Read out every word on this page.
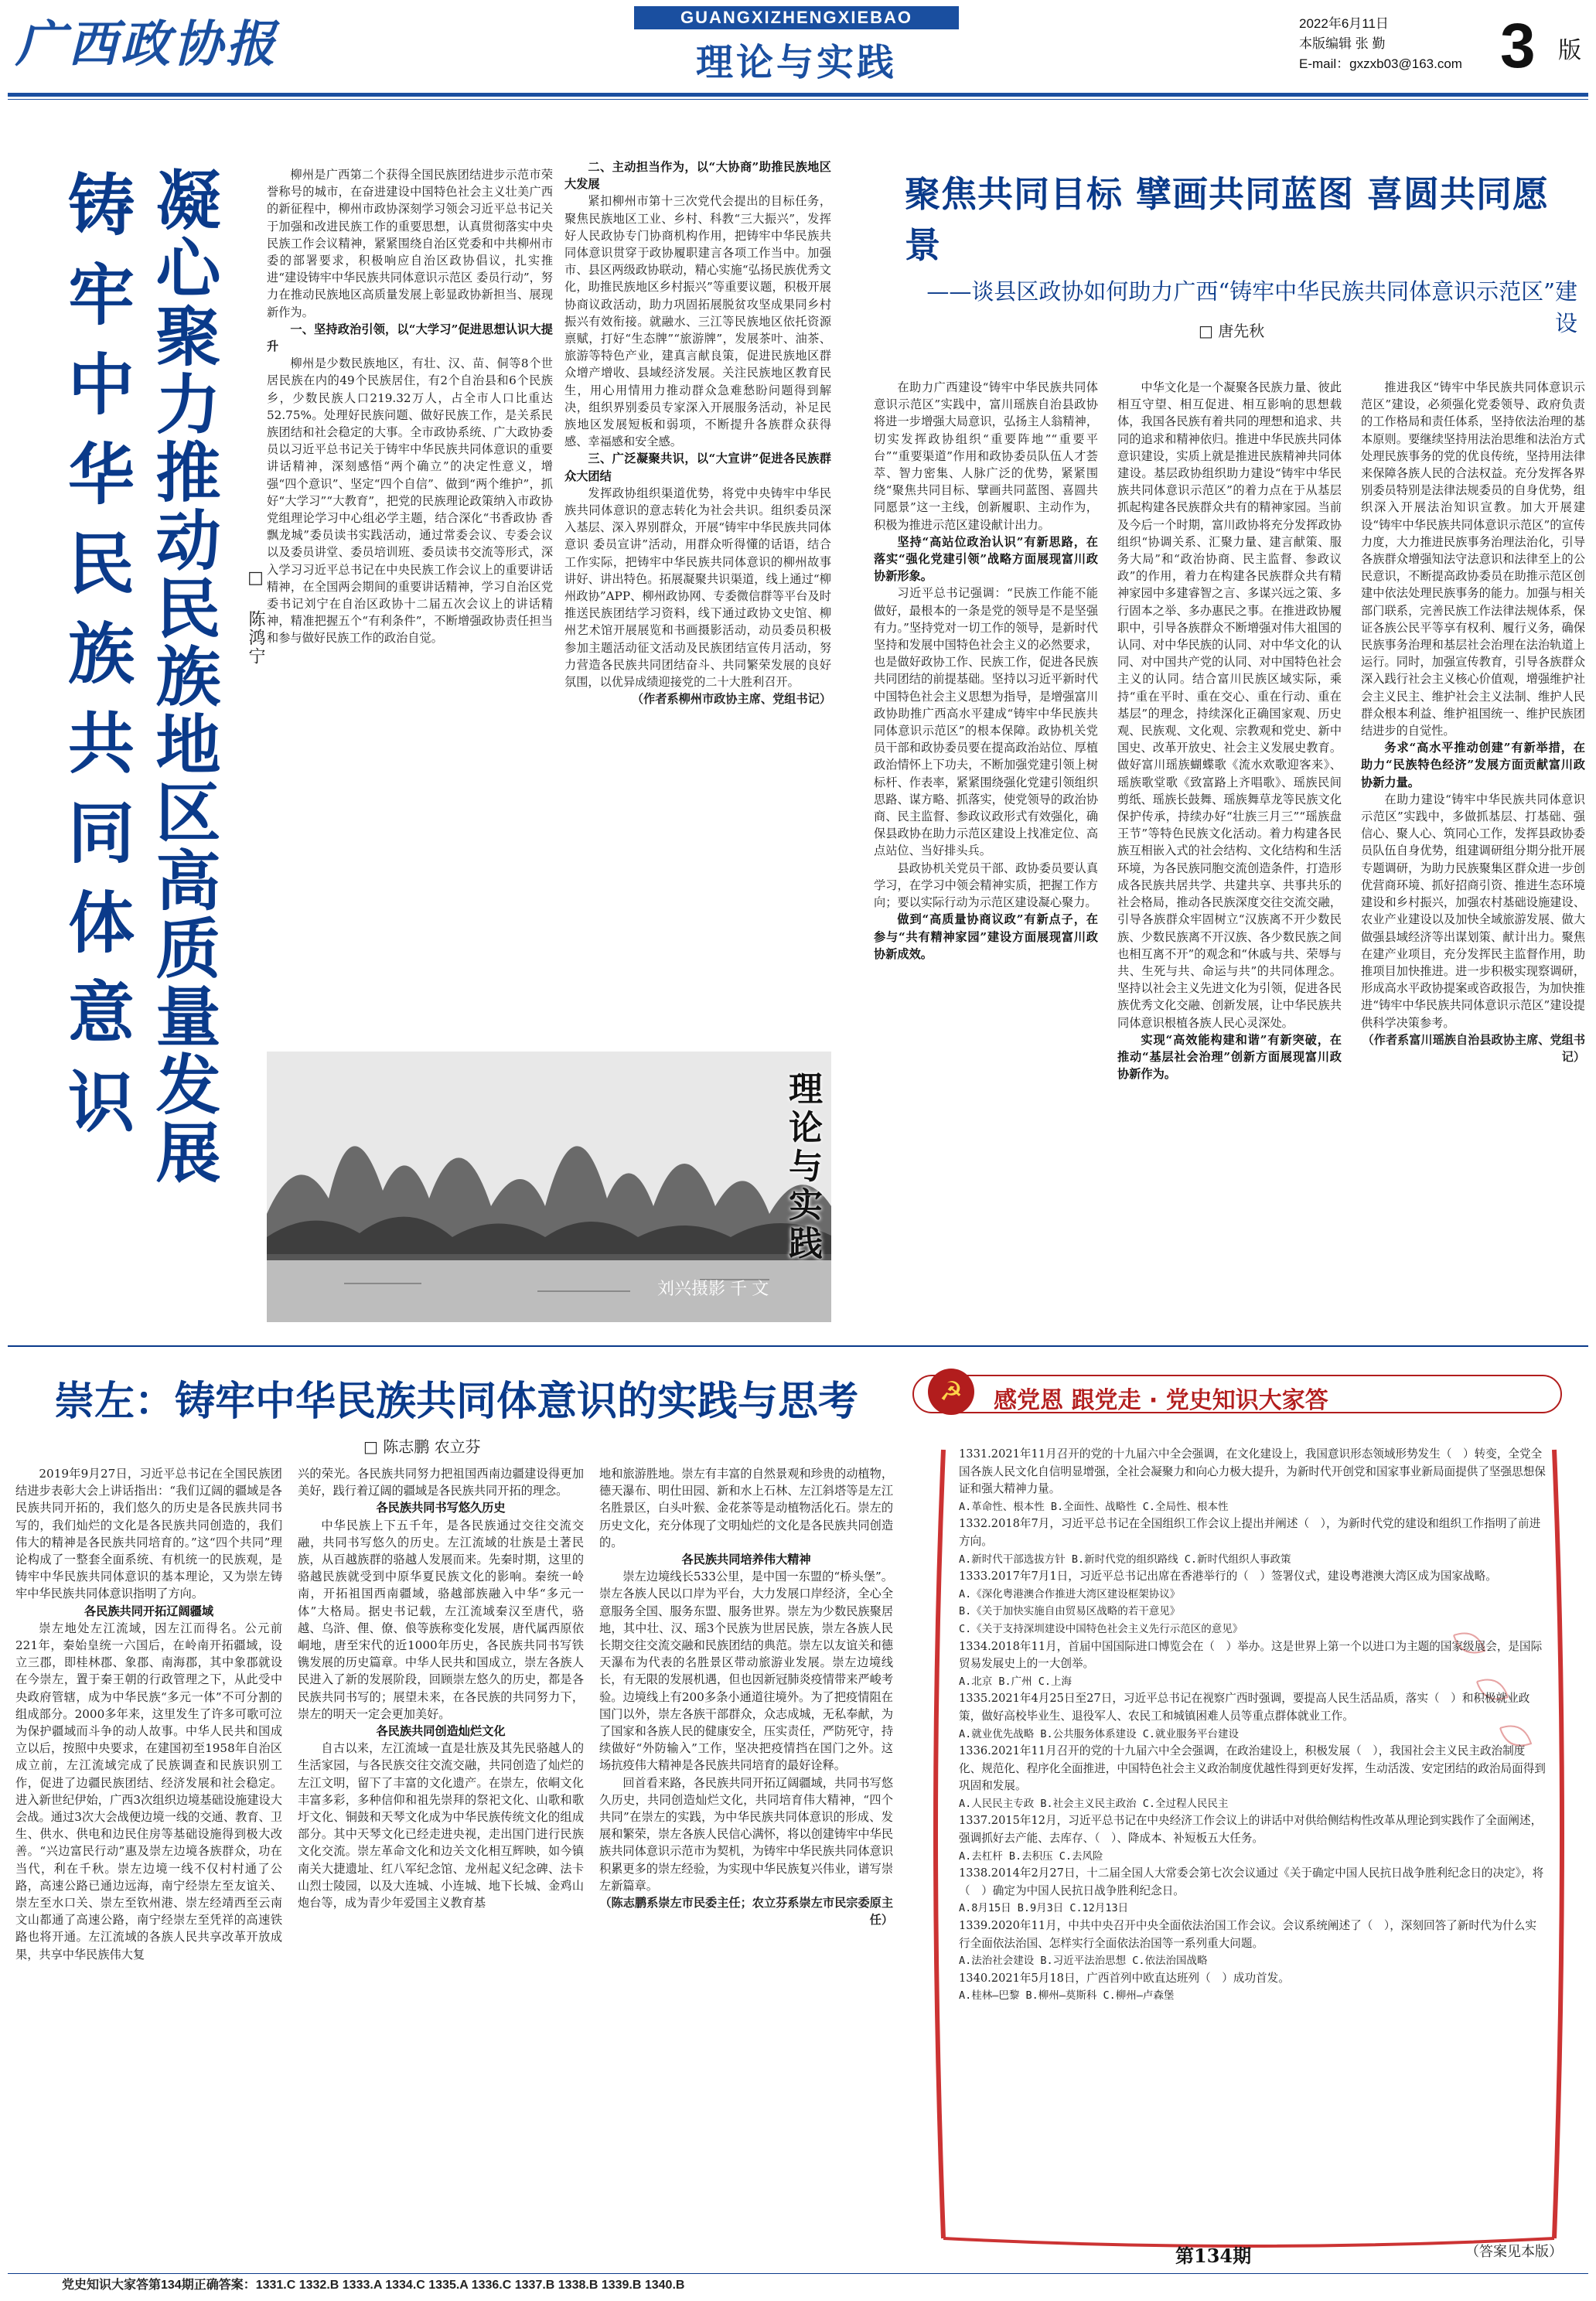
广西政协报	GUANGXIZHENGXIEBAO
理论与实践
2022年6月11日
本版编辑 张 勤
E-mail：gxzxb03@163.com 3 版
铸牢中华民族共同体意识 凝心聚力推动民族地区高质量发展 □ 陈鸿宁

柳州是广西第二个获得全国民族团结进步示范市荣誉称号的城市，在奋进建设中国特色社会主义壮美广西的新征程中，柳州市政协深刻学习领会习近平总书记关于加强和改进民族工作的重要思想，认真贯彻落实中央民族工作会议精神，紧紧围绕自治区党委和中共柳州市委的部署要求，积极响应自治区政协倡议，扎实推进“建设铸牢中华民族共同体意识示范区 委员行动”，努力在推动民族地区高质量发展上彰显政协新担当、展现新作为。

一、坚持政治引领，以“大学习”促进思想认识大提升

柳州是少数民族地区，有壮、汉、苗、侗等8个世居民族在内的49个民族居住，有2个自治县和6个民族乡，少数民族人口219.32万人，占全市人口比重达52.75%。处理好民族问题、做好民族工作，是关系民族团结和社会稳定的大事。全市政协系统、广大政协委员以习近平总书记关于铸牢中华民族共同体意识的重要讲话精神，深刻感悟“两个确立”的决定性意义，增强“四个意识”、坚定“四个自信”、做到“两个维护”，抓好“大学习”“大教育”，把党的民族理论政策纳入市政协党组理论学习中心组必学主题，结合深化“书香政协 香飘龙城”委员读书实践活动，通过常委会议、专委会议以及委员讲堂、委员培训班、委员读书交流等形式，深入学习习近平总书记在中央民族工作会议上的重要讲话精神，在全国两会期间的重要讲话精神，学习自治区党委书记刘宁在自治区政协十二届五次会议上的讲话精神，精准把握五个“有利条件”，不断增强政协责任担当和参与做好民族工作的政治自觉。

二、主动担当作为，以“大协商”助推民族地区大发展

紧扣柳州市第十三次党代会提出的目标任务，聚焦民族地区工业、乡村、科教“三大振兴”，发挥好人民政协专门协商机构作用，把铸牢中华民族共同体意识贯穿于政协履职建言各项工作当中。加强市、县区两级政协联动，精心实施“弘扬民族优秀文化，助推民族地区乡村振兴”等重要议题，积极开展协商议政活动，助力巩固拓展脱贫攻坚成果同乡村振兴有效衔接。就融水、三江等民族地区依托资源禀赋，打好“生态牌”“旅游牌”，发展茶叶、油茶、旅游等特色产业，建真言献良策，促进民族地区群众增产增收、县域经济发展。关注民族地区教育民生，用心用情用力推动群众急难愁盼问题得到解决，组织界别委员专家深入开展服务活动，补足民族地区发展短板和弱项，不断提升各族群众获得感、幸福感和安全感。

三、广泛凝聚共识，以“大宣讲”促进各民族群众大团结

发挥政协组织渠道优势，将党中央铸牢中华民族共同体意识的意志转化为社会共识。组织委员深入基层、深入界别群众，开展“铸牢中华民族共同体意识 委员宣讲”活动，用群众听得懂的话语，结合工作实际，把铸牢中华民族共同体意识的柳州故事讲好、讲出特色。拓展凝聚共识渠道，线上通过“柳州政协”APP、柳州政协网、专委微信群等平台及时推送民族团结学习资料，线下通过政协文史馆、柳州艺术馆开展展览和书画摄影活动，动员委员积极参加主题活动征文活动及民族团结宣传月活动，努力营造各民族共同团结奋斗、共同繁荣发展的良好氛围，以优异成绩迎接党的二十大胜利召开。

（作者系柳州市政协主席、党组书记）

理论与实践
刘兴摄影 千 文
聚焦共同目标 擘画共同蓝图 喜圆共同愿景
——谈县区政协如何助力广西“铸牢中华民族共同体意识示范区”建设
□ 唐先秋

在助力广西建设“铸牢中华民族共同体意识示范区”实践中，富川瑶族自治县政协将进一步增强大局意识，弘扬主人翁精神，切实发挥政协组织“重要阵地”“重要平台”“重要渠道”作用和政协委员队伍人才荟萃、智力密集、人脉广泛的优势，紧紧围绕“聚焦共同目标、擘画共同蓝图、喜圆共同愿景”这一主线，创新履职、主动作为，积极为推进示范区建设献计出力。

坚持“高站位政治认识”有新思路，在落实“强化党建引领”战略方面展现富川政协新形象。

习近平总书记强调：“民族工作能不能做好，最根本的一条是党的领导是不是坚强有力。”坚持党对一切工作的领导，是新时代坚持和发展中国特色社会主义的必然要求，也是做好政协工作、民族工作，促进各民族共同团结的前提基础。坚持以习近平新时代中国特色社会主义思想为指导，是增强富川政协助推广西高水平建成“铸牢中华民族共同体意识示范区”的根本保障。政协机关党员干部和政协委员要在提高政治站位、厚植政治情怀上下功夫，不断加强党建引领上树标杆、作表率，紧紧围绕强化党建引领组织思路、谋方略、抓落实，使党领导的政治协商、民主监督、参政议政形式有效强化，确保县政协在助力示范区建设上找准定位、高点站位、当好排头兵。

县政协机关党员干部、政协委员要认真学习，在学习中领会精神实质，把握工作方向；要以实际行动为示范区建设凝心聚力。

做到“高质量协商议政”有新点子，在参与“共有精神家园”建设方面展现富川政协新成效。

中华文化是一个凝聚各民族力量、彼此相互守望、相互促进、相互影响的思想载体，我国各民族有着共同的理想和追求、共同的追求和精神依归。推进中华民族共同体意识建设，实质上就是推进民族精神共同体建设。基层政协组织助力建设“铸牢中华民族共同体意识示范区”的着力点在于从基层抓起构建各民族群众共有的精神家园。当前及今后一个时期，富川政协将充分发挥政协组织“协调关系、汇聚力量、建言献策、服务大局”和“政治协商、民主监督、参政议政”的作用，着力在构建各民族群众共有精神家园中多建睿智之言、多谋兴远之策、多行固本之举、多办惠民之事。在推进政协履职中，引导各族群众不断增强对伟大祖国的认同、对中华民族的认同、对中华文化的认同、对中国共产党的认同、对中国特色社会主义的认同。结合富川民族区域实际，乘持“重在平时、重在交心、重在行动、重在基层”的理念，持续深化正确国家观、历史观、民族观、文化观、宗教观和党史、新中国史、改革开放史、社会主义发展史教育。做好富川瑶族蝴蝶歌《流水欢歌迎客来》、瑶族歌堂歌《致富路上齐唱歌》、瑶族民间剪纸、瑶族长鼓舞、瑶族舞草龙等民族文化保护传承，持续办好“壮族三月三”“瑶族盘王节”等特色民族文化活动。着力构建各民族互相嵌入式的社会结构、文化结构和生活环境，为各民族同胞交流创造条件，打造形成各民族共居共学、共建共享、共事共乐的社会格局，推动各民族深度交往交流交融，引导各族群众牢固树立“汉族离不开少数民族、少数民族离不开汉族、各少数民族之间也相互离不开”的观念和“休戚与共、荣辱与共、生死与共、命运与共”的共同体理念。坚持以社会主义先进文化为引领，促进各民族优秀文化交融、创新发展，让中华民族共同体意识根植各族人民心灵深处。

实现“高效能构建和谐”有新突破，在推动“基层社会治理”创新方面展现富川政协新作为。

推进我区“铸牢中华民族共同体意识示范区”建设，必须强化党委领导、政府负责的工作格局和责任体系，坚持依法治理的基本原则。要继续坚持用法治思维和法治方式处理民族事务的党的优良传统，坚持用法律来保障各族人民的合法权益。充分发挥各界别委员特别是法律法规委员的自身优势，组织深入开展法治知识宣教。加大开展建设“铸牢中华民族共同体意识示范区”的宣传力度，大力推进民族事务治理法治化，引导各族群众增强知法守法意识和法律至上的公民意识，不断提高政协委员在助推示范区创建中依法处理民族事务的能力。加强与相关部门联系，完善民族工作法律法规体系，保证各族公民平等享有权利、履行义务，确保民族事务治理和基层社会治理在法治轨道上运行。同时，加强宣传教育，引导各族群众深入践行社会主义核心价值观，增强维护社会主义民主、维护社会主义法制、维护人民群众根本利益、维护祖国统一、维护民族团结进步的自觉性。

务求“高水平推动创建”有新举措，在助力“民族特色经济”发展方面贡献富川政协新力量。

在助力建设“铸牢中华民族共同体意识示范区”实践中，多做抓基层、打基础、强信心、聚人心、筑同心工作，发挥县政协委员队伍自身优势，组建调研组分期分批开展专题调研，为助力民族聚集区群众进一步创优营商环境、抓好招商引资、推进生态环境建设和乡村振兴，加强农村基础设施建设、农业产业建设以及加快全域旅游发展、做大做强县域经济等出谋划策、献计出力。聚焦在建产业项目，充分发挥民主监督作用，助推项目加快推进。进一步积极实现察调研，形成高水平政协提案或咨政报告，为加快推进“铸牢中华民族共同体意识示范区”建设提供科学决策参考。

（作者系富川瑶族自治县政协主席、党组书记）

崇左：铸牢中华民族共同体意识的实践与思考
□ 陈志鹏 农立芬

2019年9月27日，习近平总书记在全国民族团结进步表彰大会上讲话指出：“我们辽阔的疆域是各民族共同开拓的，我们悠久的历史是各民族共同书写的，我们灿烂的文化是各民族共同创造的，我们伟大的精神是各民族共同培育的。”这“四个共同”理论构成了一整套全面系统、有机统一的民族观，是铸牢中华民族共同体意识的基本理论，又为崇左铸牢中华民族共同体意识指明了方向。

各民族共同开拓辽阔疆域

崇左地处左江流域，因左江而得名。公元前221年，秦始皇统一六国后，在岭南开拓疆域，设立三郡，即桂林郡、象郡、南海郡，其中象郡就设在今崇左，置于秦王朝的行政管理之下，从此受中央政府管辖，成为中华民族“多元一体”不可分割的组成部分。2000多年来，这里发生了许多可歌可泣为保护疆域而斗争的动人故事。中华人民共和国成立以后，按照中央要求，在建国初至1958年自治区成立前，左江流域完成了民族调查和民族识别工作，促进了边疆民族团结、经济发展和社会稳定。进入新世纪伊始，广西3次组织边境基础设施建设大会战。通过3次大会战便边境一线的交通、教育、卫生、供水、供电和边民住房等基础设施得到极大改善。“兴边富民行动”惠及崇左边境各族群众，功在当代，利在千秋。崇左边境一线不仅村村通了公路，高速公路已通边远海，南宁经崇左至友谊关、崇左至水口关、崇左至钦州港、崇左经靖西至云南文山都通了高速公路，南宁经崇左至凭祥的高速铁路也将开通。左江流域的各族人民共享改革开放成果，共享中华民族伟大复

兴的荣光。各民族共同努力把祖国西南边疆建设得更加美好，践行着辽阔的疆域是各民族共同开拓的理念。

各民族共同书写悠久历史

中华民族上下五千年，是各民族通过交往交流交融，共同书写悠久的历史。左江流域的壮族是土著民族，从百越族群的骆越人发展而来。先秦时期，这里的骆越民族就受到中原华夏民族文化的影响。秦统一岭南，开拓祖国西南疆域，骆越部族融入中华“多元一体”大格局。据史书记载，左江流域秦汉至唐代，骆越、乌浒、俚、僚、俍等族称变化发展，唐代属西原依峒地，唐至宋代的近1000年历史，各民族共同书写铁镌发展的历史篇章。中华人民共和国成立，崇左各族人民进入了新的发展阶段，回顾崇左悠久的历史，都是各民族共同书写的；展望未来，在各民族的共同努力下，崇左的明天一定会更加美好。

各民族共同创造灿烂文化

自古以来，左江流域一直是壮族及其先民骆越人的生活家园，与各民族交往交流交融，共同创造了灿烂的左江文明，留下了丰富的文化遗产。在崇左，依峒文化丰富多彩，多种信仰和祖先崇拜的祭祀文化、山歌和歌圩文化、铜鼓和天琴文化成为中华民族传统文化的组成部分。其中天琴文化已经走进央视，走出国门进行民族文化交流。崇左革命文化和边关文化相互辉映，如今镇南关大捷遗址、红八军纪念馆、龙州起义纪念碑、法卡山烈士陵园，以及大连城、小连城、地下长城、金鸡山炮台等，成为青少年爱国主义教育基

地和旅游胜地。崇左有丰富的自然景观和珍贵的动植物，德天瀑布、明仕田园、新和水上石林、左江斜塔等是左江名胜景区，白头叶猴、金花茶等是动植物活化石。崇左的历史文化，充分体现了文明灿烂的文化是各民族共同创造的。

各民族共同培养伟大精神

崇左边境线长533公里，是中国一东盟的“桥头堡”。崇左各族人民以口岸为平台，大力发展口岸经济，全心全意服务全国、服务东盟、服务世界。崇左为少数民族聚居地，其中壮、汉、瑶3个民族为世居民族，崇左各族人民长期交往交流交融和民族团结的典范。崇左以友谊关和德天瀑布为代表的名胜景区带动旅游业发展。崇左边境线长，有无限的发展机遇，但也因新冠肺炎疫情带来严峻考验。边境线上有200多条小通道往境外。为了把疫情阻在国门以外，崇左各族干部群众，众志成城，无私奉献，为了国家和各族人民的健康安全，压实责任，严防死守，持续做好“外防输入”工作，坚决把疫情挡在国门之外。这场抗疫伟大精神是各民族共同培育的最好诠释。

回首看来路，各民族共同开拓辽阔疆域，共同书写悠久历史，共同创造灿烂文化，共同培育伟大精神，“四个共同”在崇左的实践，为中华民族共同体意识的形成、发展和繁荣，崇左各族人民信心满怀，将以创建铸牢中华民族共同体意识示范市为契机，为铸牢中华民族共同体意识积累更多的崇左经验，为实现中华民族复兴伟业，谱写崇左新篇章。

（陈志鹏系崇左市民委主任；农立芬系崇左市民宗委原主任）

☭	感党恩 跟党走 · 党史知识大家答

1331.2021年11月召开的党的十九届六中全会强调，在文化建设上，我国意识形态领域形势发生（　）转变，全党全国各族人民文化自信明显增强，全社会凝聚力和向心力极大提升，为新时代开创党和国家事业新局面提供了坚强思想保证和强大精神力量。

A.革命性、根本性 B.全面性、战略性 C.全局性、根本性

1332.2018年7月，习近平总书记在全国组织工作会议上提出并阐述（　），为新时代党的建设和组织工作指明了前进方向。

A.新时代干部选拔方针 B.新时代党的组织路线 C.新时代组织人事政策

1333.2017年7月1日，习近平总书记出席在香港举行的（　）签署仪式，建设粤港澳大湾区成为国家战略。

A.《深化粤港澳合作推进大湾区建设框架协议》

B.《关于加快实施自由贸易区战略的若干意见》

C.《关于支持深圳建设中国特色社会主义先行示范区的意见》

1334.2018年11月，首届中国国际进口博览会在（　）举办。这是世界上第一个以进口为主题的国家级展会，是国际贸易发展史上的一大创举。

A.北京 B.广州 C.上海

1335.2021年4月25日至27日，习近平总书记在视察广西时强调，要提高人民生活品质，落实（　）和积极就业政策，做好高校毕业生、退役军人、农民工和城镇困难人员等重点群体就业工作。

A.就业优先战略 B.公共服务体系建设 C.就业服务平台建设

1336.2021年11月召开的党的十九届六中全会强调，在政治建设上，积极发展（　），我国社会主义民主政治制度化、规范化、程序化全面推进，中国特色社会主义政治制度优越性得到更好发挥，生动活泼、安定团结的政治局面得到巩固和发展。

A.人民民主专政 B.社会主义民主政治 C.全过程人民民主

1337.2015年12月，习近平总书记在中央经济工作会议上的讲话中对供给侧结构性改革从理论到实践作了全面阐述，强调抓好去产能、去库存、（　）、降成本、补短板五大任务。

A.去杠杆 B.去积压 C.去风险

1338.2014年2月27日，十二届全国人大常委会第七次会议通过《关于确定中国人民抗日战争胜利纪念日的决定》，将（　）确定为中国人民抗日战争胜利纪念日。

A.8月15日 B.9月3日 C.12月13日

1339.2020年11月，中共中央召开中央全面依法治国工作会议。会议系统阐述了（　），深刻回答了新时代为什么实行全面依法治国、怎样实行全面依法治国等一系列重大问题。

A.法治社会建设 B.习近平法治思想 C.依法治国战略

1340.2021年5月18日，广西首列中欧直达班列（　）成功首发。

A.桂林—巴黎 B.柳州—莫斯科 C.柳州—卢森堡

第134期	（答案见本版）
党史知识大家答第134期正确答案：1331.C 1332.B 1333.A 1334.C 1335.A 1336.C 1337.B 1338.B 1339.B 1340.B
